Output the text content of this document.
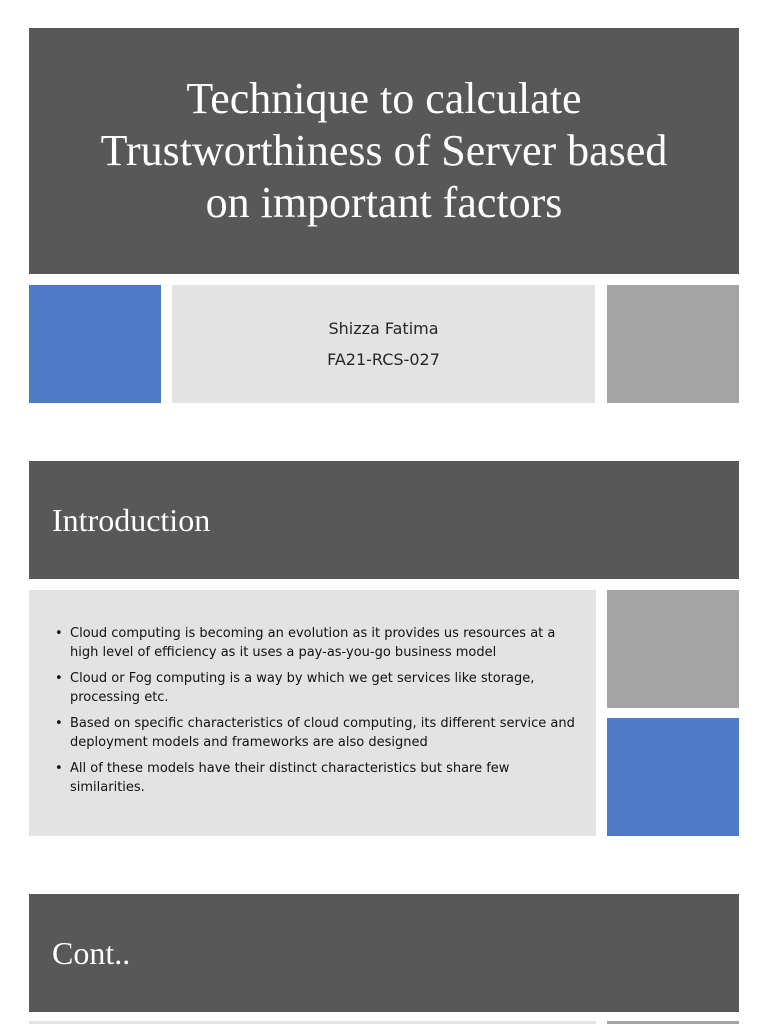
Technique to calculate Trustworthiness of Server based on important factors
Shizza Fatima
FA21-RCS-027
Introduction
• Cloud computing is becoming an evolution as it provides us resources at a high level of efficiency as it uses a pay-as-you-go business model
• Cloud or Fog computing is a way by which we get services like storage, processing etc.
• Based on specific characteristics of cloud computing, its different service and deployment models and frameworks are also designed
• All of these models have their distinct characteristics but share few similarities.
Cont..
